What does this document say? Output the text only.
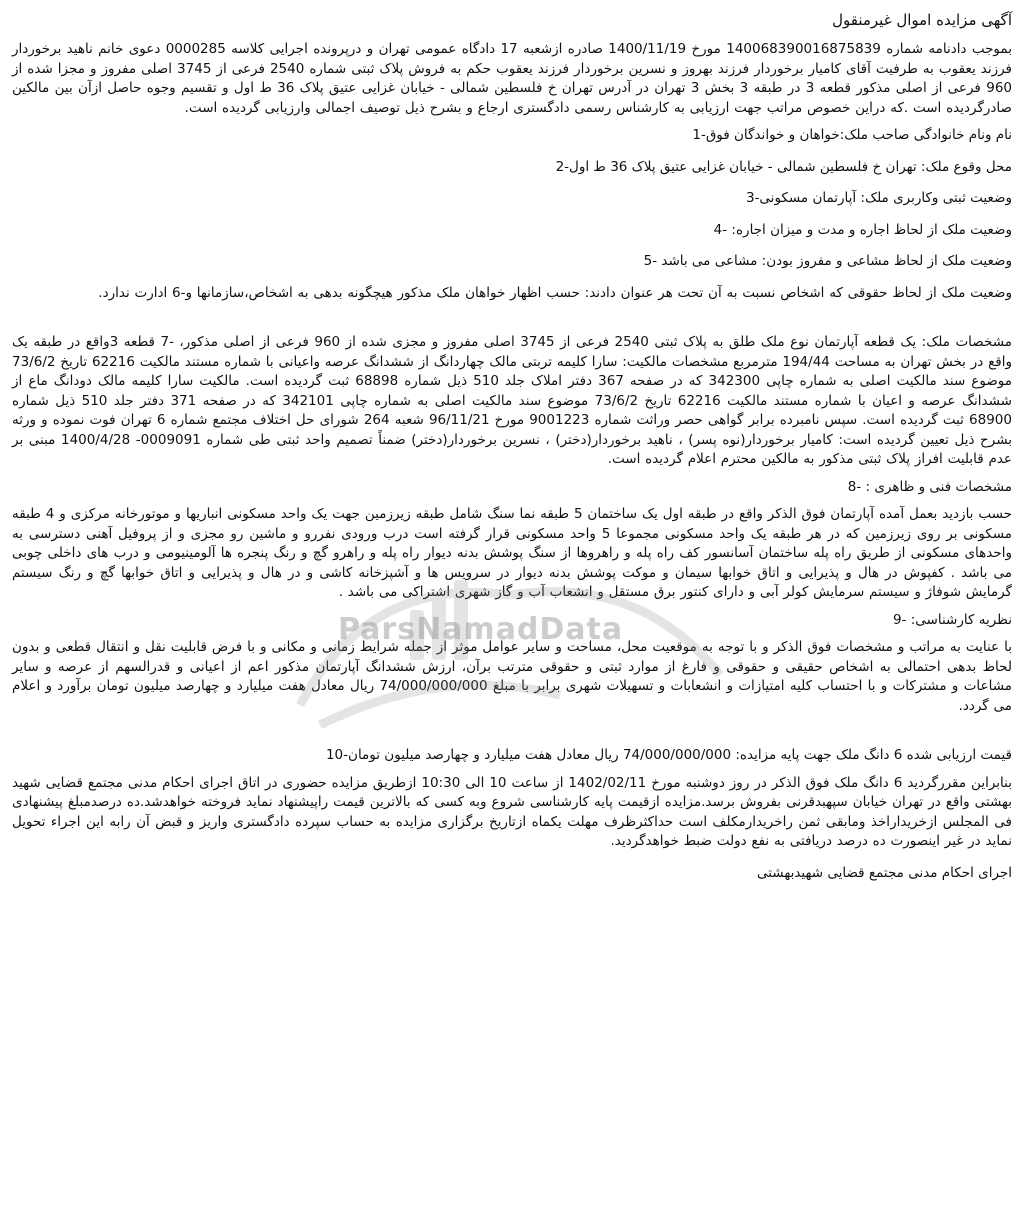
آگهی مزایده اموال غیرمنقول

بموجب دادنامه شماره 140068390016875839 مورخ 1400/11/19 صادره ازشعبه 17 دادگاه عمومی تهران و درپرونده اجرایی کلاسه 0000285 دعوی خانم ناهید برخوردار فرزند یعقوب به طرفیت آقای کامیار برخوردار فرزند بهروز و نسرین برخوردار فرزند یعقوب حکم به فروش پلاک ثبتی شماره 2540 فرعی از 3745 اصلی مفروز و مجزا شده از 960 فرعی از اصلی مذکور قطعه 3 در طبقه 3 بخش 3 تهران در آدرس تهران خ فلسطین شمالی - خیابان غزایی عتیق پلاک 36 ط اول و تقسیم وجوه حاصل ازآن بین مالکین صادرگردیده است .که دراین خصوص مراتب جهت ارزیابی به کارشناس رسمی دادگستری ارجاع و بشرح ذیل توصیف اجمالی وارزیابی گردیده است.

نام ونام خانوادگی صاحب ملک:خواهان و خواندگان فوق-1

محل وقوع ملک: تهران خ فلسطین شمالی - خیابان غزایی عتیق پلاک 36 ط اول-2

وضعیت ثبتی وکاربری ملک: آپارتمان مسکونی-3

وضعیت ملک از لحاظ اجاره و مدت و میزان اجاره: -4

وضعیت ملک از لحاظ مشاعی و مفروز بودن: مشاعی می باشد -5

وضعیت ملک از لحاظ حقوقی که اشخاص نسبت به آن تحت هر عنوان دادند: حسب اظهار خواهان ملک مذکور هیچگونه بدهی به اشخاص،سازمانها و-6 ادارت ندارد.

مشخصات ملک: یک قطعه آپارتمان نوع ملک طلق به پلاک ثبتی 2540 فرعی از 3745 اصلی مفروز و مجزی شده از 960 فرعی از اصلی مذکور، -7 قطعه 3واقع در طبقه یک واقع در بخش تهران به مساحت 194/44 مترمربع مشخصات مالکیت: سارا کلیمه تربتی مالک چهاردانگ از ششدانگ عرصه واعیانی با شماره مستند مالکیت 62216 تاریخ 73/6/2 موضوع سند مالکیت اصلی به شماره چاپی 342300 که در صفحه 367 دفتر املاک جلد 510 ذیل شماره 68898 ثبت گردیده است. مالکیت سارا کلیمه مالک دودانگ ماع از ششدانگ عرصه و اعیان با شماره مستند مالکیت 62216 تاریخ 73/6/2 موضوع سند مالکیت اصلی به شماره چاپی 342101 که در صفحه 371 دفتر جلد 510 ذیل شماره 68900 ثبت گردیده است. سپس نامبرده برابر گواهی حصر وراثت شماره 9001223 مورخ 96/11/21 شعبه 264 شورای حل اختلاف مجتمع شماره 6 تهران فوت نموده و ورثه بشرح ذیل تعیین گردیده است: کامیار برخوردار(نوه پسر) ، ناهید برخوردار(دختر) ، نسرین برخوردار(دختر) ضمناً تصمیم واحد ثبتی طی شماره 0009091- 1400/4/28 مبنی بر عدم قابلیت افراز پلاک ثبتی مذکور به مالکین محترم اعلام گردیده است.

مشخصات فنی و ظاهری : -8

حسب بازدید بعمل آمده آپارتمان فوق الذکر واقع در طبقه اول یک ساختمان 5 طبقه نما سنگ شامل طبقه زیرزمین جهت یک واحد مسکونی انباریها و موتورخانه مرکزی و 4 طبقه مسکونی بر روی زیرزمین که در هر طبقه یک واحد مسکونی مجموعا 5 واحد مسکونی قرار گرفته است درب ورودی نفررو و ماشین رو مجزی و از پروفیل آهنی دسترسی به واحدهای مسکونی از طریق راه پله ساختمان آسانسور کف راه پله و راهروها از سنگ پوشش بدنه دیوار راه پله و راهرو گچ و رنگ پنجره ها آلومینیومی و درب های داخلی چوبی می باشد . کفپوش در هال و پذیرایی و اتاق خوابها سیمان و موکت پوشش بدنه دیوار در سرویس ها و آشپزخانه کاشی و در هال و پذیرایی و اتاق خوابها گچ و رنگ سیستم گرمایش شوفاژ و سیستم سرمایش کولر آبی و دارای کنتور برق مستقل و انشعاب آب و گاز شهری اشتراکی می باشد .

نظریه کارشناسی: -9

با عنایت به مراتب و مشخصات فوق الذکر و با توجه به موقعیت محل، مساحت و سایر عوامل موثر از جمله شرایط زمانی و مکانی و با فرض قابلیت نقل و انتقال قطعی و بدون لحاظ بدهی احتمالی به اشخاص حقیقی و حقوقی و فارغ از موارد ثبتی و حقوقی مترتب برآن، ارزش ششدانگ آپارتمان مذکور اعم از اعیانی و قدرالسهم از عرصه و سایر مشاعات و مشترکات و با احتساب کلیه امتیازات و انشعابات و تسهیلات شهری برابر با مبلغ 74/000/000/000 ریال معادل هفت میلیارد و چهارصد میلیون تومان برآورد و اعلام می گردد.

قیمت ارزیابی شده 6 دانگ ملک جهت پایه مزایده: 74/000/000/000 ریال معادل هفت میلیارد و چهارصد میلیون تومان-10

بنابراین مقررگردید 6 دانگ ملک فوق الذکر در روز دوشنبه مورخ 1402/02/11 از ساعت 10 الی 10:30 ازطریق مزایده حضوری در اتاق اجرای احکام مدنی مجتمع قضایی شهید بهشتی واقع در تهران خیابان سپهبدقرنی بفروش برسد.مزایده ازقیمت پایه کارشناسی شروع وبه کسی که بالاترین قیمت راپیشنهاد نماید فروخته خواهدشد.ده درصدمبلغ پیشنهادی فی المجلس ازخریداراخذ ومابقی ثمن راخریدارمکلف است حداکثرظرف مهلت یکماه ازتاریخ برگزاری مزایده به حساب سپرده دادگستری واریز و قبض آن رابه این اجراء تحویل نماید در غیر اینصورت ده درصد دریافتی به نفع دولت ضبط خواهدگردید.

اجرای احکام مدنی مجتمع قضایی شهیدبهشتی

ParsNamadData
